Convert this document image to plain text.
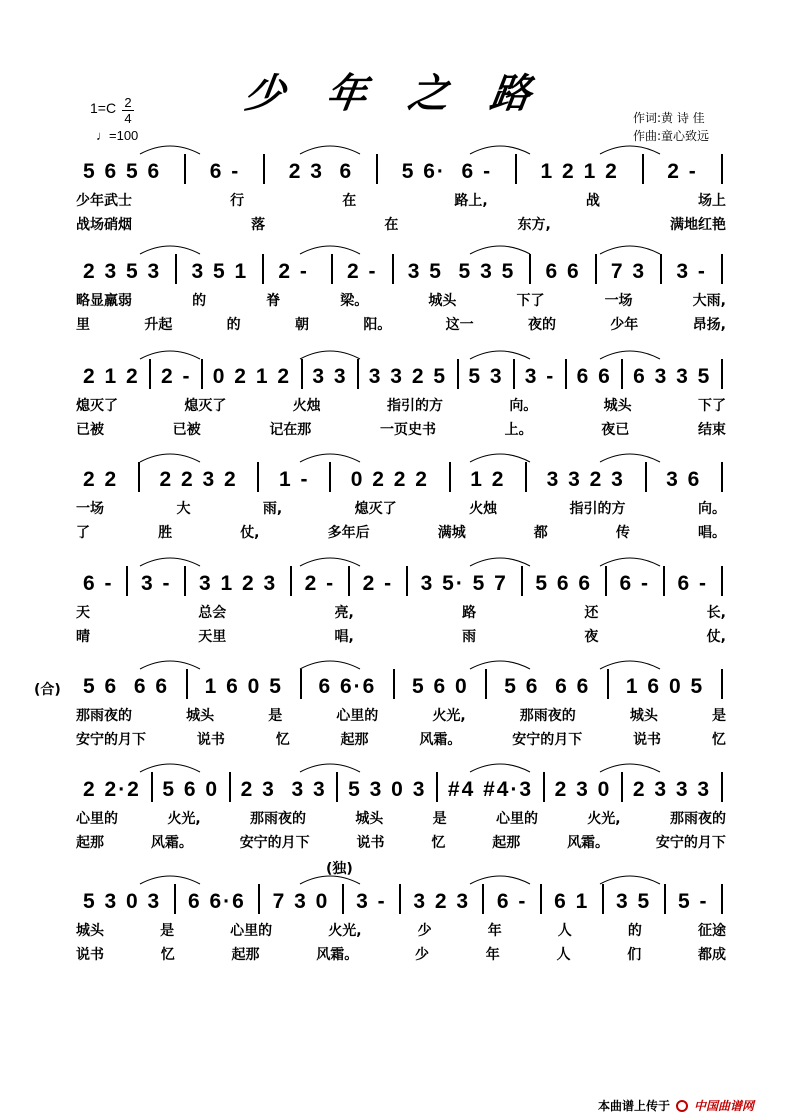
少 年 之 路
1=C 2
4
♩=100
作词:黄 诗 佳
作曲:童心致远
5 6 5 6 6 - 2 3  6 5 6·  6 - 1 2 1 2 2 -
少年武士	行	在	路上,	战	场上
战场硝烟	落	在	东方,	满地红艳
2 3 5 3 3 5 1 2 - 2 - 3 5  5 3 5 6 6 7 3 3 -
略显羸弱	的	脊	梁。	城头	下了	一场	大雨,
里	升起	的	朝	阳。	这一	夜的	少年	昂扬,
2 1 2 2 - 0 2 1 2 3 3 3 3 2 5 5 3 3 - 6 6 6 3 3 5
熄灭了	熄灭了	火烛	指引的方	向。	城头	下了
已被	已被	记在那	一页史书	上。	夜已	结束
2 2 2 2 3 2 1 - 0 2 2 2 1 2 3 3 2 3 3 6
一场	大	雨,	熄灭了	火烛	指引的方	向。
了	胜	仗,	多年后	满城	都	传	唱。
6 - 3 - 3 1 2 3 2 - 2 - 3 5· 5 7 5 6 6 6 - 6 -
天	总会	亮,	路	还	长,
晴	天里	唱,	雨	夜	仗,
(合) 5 6  6 6 1 6 0 5 6 6·6 5 6 0 5 6  6 6 1 6 0 5
那雨夜的	城头	是	心里的	火光,	那雨夜的	城头	是
安宁的月下	说书	忆	起那	风霜。	安宁的月下	说书	忆
2 2·2 5 6 0 2 3  3 3 5 3 0 3 #4 #4·3 2 3 0 2 3 3 3
心里的	火光,	那雨夜的	城头	是	心里的	火光,	那雨夜的
起那	风霜。	安宁的月下	说书	忆	起那	风霜。	安宁的月下
(独)
5 3 0 3 6 6·6 7 3 0 3 - 3 2 3 6 - 6 1 3 5 5 -
城头	是	心里的	火光,	少	年	人	的	征途
说书	忆	起那	风霜。	少	年	人	们	都成
本曲谱上传于 中国曲谱网
